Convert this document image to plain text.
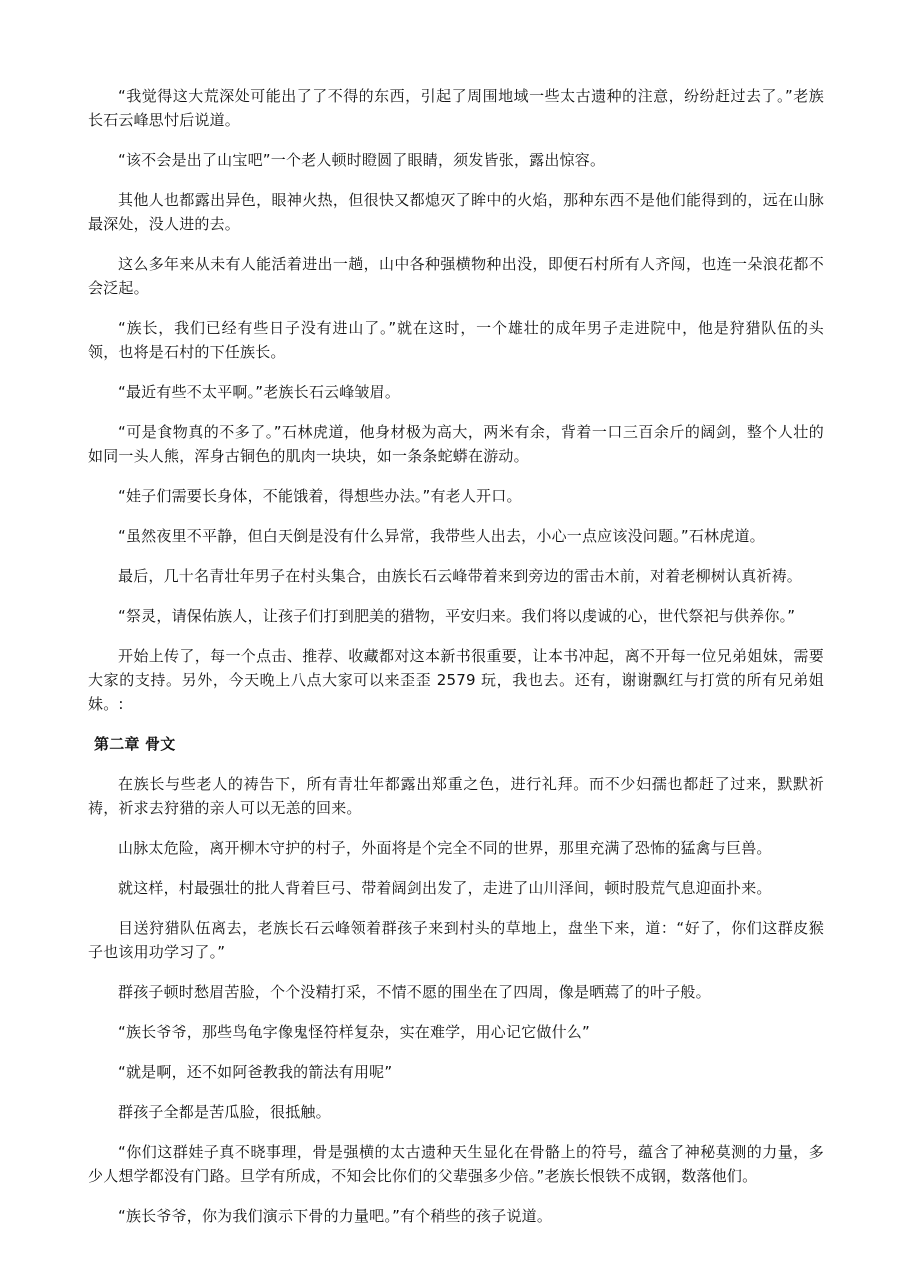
“我觉得这大荒深处可能出了了不得的东西，引起了周围地域一些太古遗种的注意，纷纷赶过去了。”老族长石云峰思忖后说道。

“该不会是出了山宝吧”一个老人顿时瞪圆了眼睛，须发皆张，露出惊容。

其他人也都露出异色，眼神火热，但很快又都熄灭了眸中的火焰，那种东西不是他们能得到的，远在山脉最深处，没人进的去。

这么多年来从未有人能活着进出一趟，山中各种强横物种出没，即便石村所有人齐闯，也连一朵浪花都不会泛起。

“族长，我们已经有些日子没有进山了。”就在这时，一个雄壮的成年男子走进院中，他是狩猎队伍的头领，也将是石村的下任族长。

“最近有些不太平啊。”老族长石云峰皱眉。

“可是食物真的不多了。”石林虎道，他身材极为高大，两米有余，背着一口三百余斤的阔剑，整个人壮的如同一头人熊，浑身古铜色的肌肉一块块，如一条条蛇蟒在游动。

“娃子们需要长身体，不能饿着，得想些办法。”有老人开口。

“虽然夜里不平静，但白天倒是没有什么异常，我带些人出去，小心一点应该没问题。”石林虎道。

最后，几十名青壮年男子在村头集合，由族长石云峰带着来到旁边的雷击木前，对着老柳树认真祈祷。

“祭灵，请保佑族人，让孩子们打到肥美的猎物，平安归来。我们将以虔诚的心，世代祭祀与供养你。”

开始上传了，每一个点击、推荐、收藏都对这本新书很重要，让本书冲起，离不开每一位兄弟姐妹，需要大家的支持。另外，今天晚上八点大家可以来歪歪 2579 玩，我也去。还有，谢谢飘红与打赏的所有兄弟姐妹。:

第二章 骨文

在族长与些老人的祷告下，所有青壮年都露出郑重之色，进行礼拜。而不少妇孺也都赶了过来，默默祈祷，祈求去狩猎的亲人可以无恙的回来。

山脉太危险，离开柳木守护的村子，外面将是个完全不同的世界，那里充满了恐怖的猛禽与巨兽。

就这样，村最强壮的批人背着巨弓、带着阔剑出发了，走进了山川泽间，顿时股荒气息迎面扑来。

目送狩猎队伍离去，老族长石云峰领着群孩子来到村头的草地上，盘坐下来，道：“好了，你们这群皮猴子也该用功学习了。”

群孩子顿时愁眉苦脸，个个没精打采，不情不愿的围坐在了四周，像是晒蔫了的叶子般。

“族长爷爷，那些鸟龟字像鬼怪符样复杂，实在难学，用心记它做什么”

“就是啊，还不如阿爸教我的箭法有用呢”

群孩子全都是苦瓜脸，很抵触。

“你们这群娃子真不晓事理，骨是强横的太古遗种天生显化在骨骼上的符号，蕴含了神秘莫测的力量，多少人想学都没有门路。旦学有所成，不知会比你们的父辈强多少倍。”老族长恨铁不成钢，数落他们。

“族长爷爷，你为我们演示下骨的力量吧。”有个稍些的孩子说道。
